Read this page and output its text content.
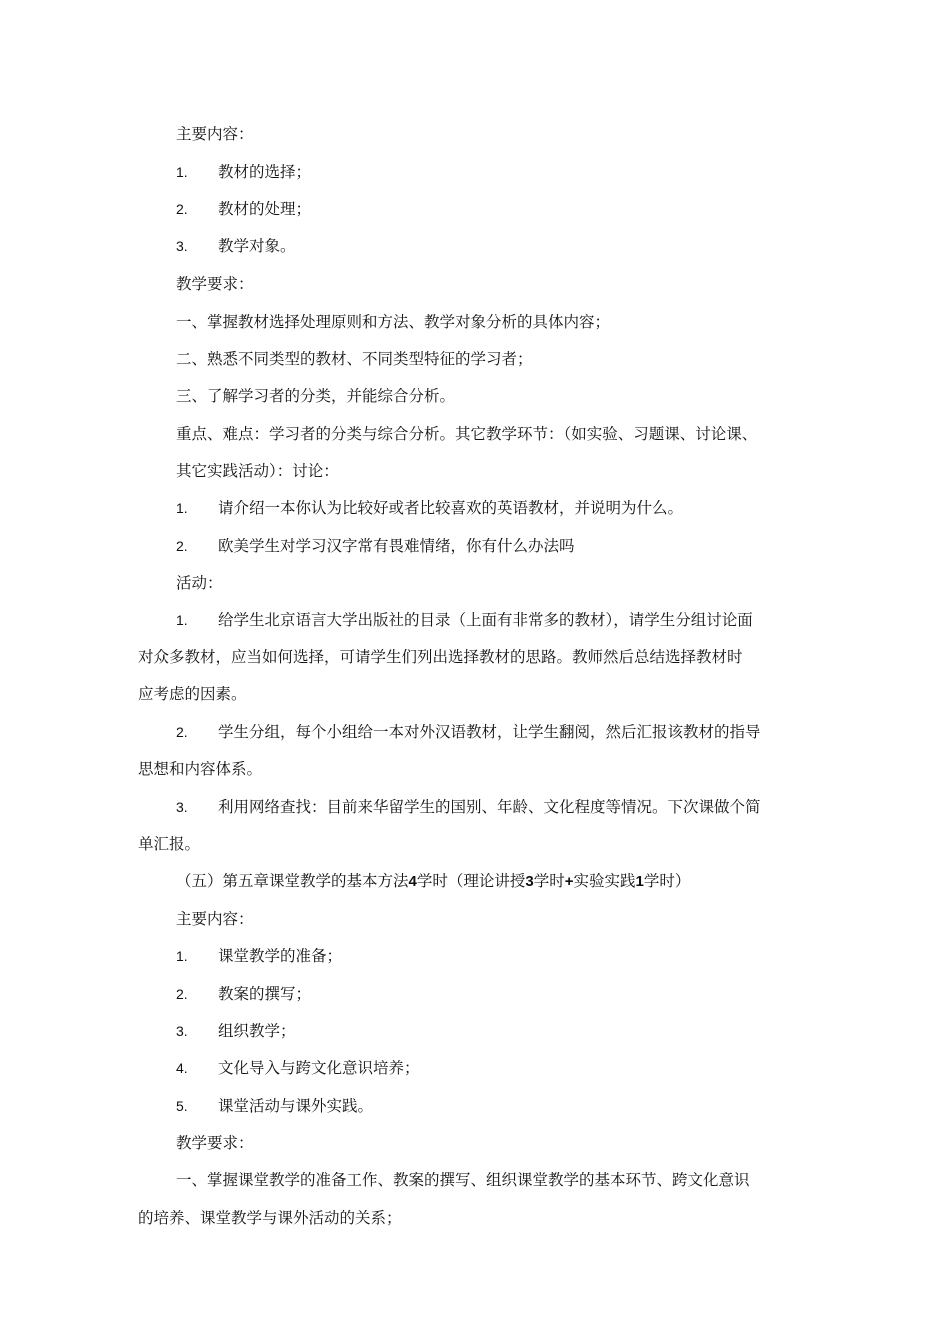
主要内容：
1. 教材的选择；
2. 教材的处理；
3. 教学对象。
教学要求：
一、掌握教材选择处理原则和方法、教学对象分析的具体内容；
二、熟悉不同类型的教材、不同类型特征的学习者；
三、了解学习者的分类，并能综合分析。
重点、难点：学习者的分类与综合分析。其它教学环节：（如实验、习题课、讨论课、
其它实践活动）：讨论：
1. 请介绍一本你认为比较好或者比较喜欢的英语教材，并说明为什么。
2. 欧美学生对学习汉字常有畏难情绪，你有什么办法吗
活动：
1. 给学生北京语言大学出版社的目录（上面有非常多的教材），请学生分组讨论面
对众多教材，应当如何选择，可请学生们列出选择教材的思路。教师然后总结选择教材时
应考虑的因素。
2. 学生分组，每个小组给一本对外汉语教材，让学生翻阅，然后汇报该教材的指导
思想和内容体系。
3. 利用网络查找：目前来华留学生的国别、年龄、文化程度等情况。下次课做个简
单汇报。
（五）第五章课堂教学的基本方法4学时（理论讲授3学时+实验实践1学时）
主要内容：
1. 课堂教学的准备；
2. 教案的撰写；
3. 组织教学；
4. 文化导入与跨文化意识培养；
5. 课堂活动与课外实践。
教学要求：
一、掌握课堂教学的准备工作、教案的撰写、组织课堂教学的基本环节、跨文化意识
的培养、课堂教学与课外活动的关系；
